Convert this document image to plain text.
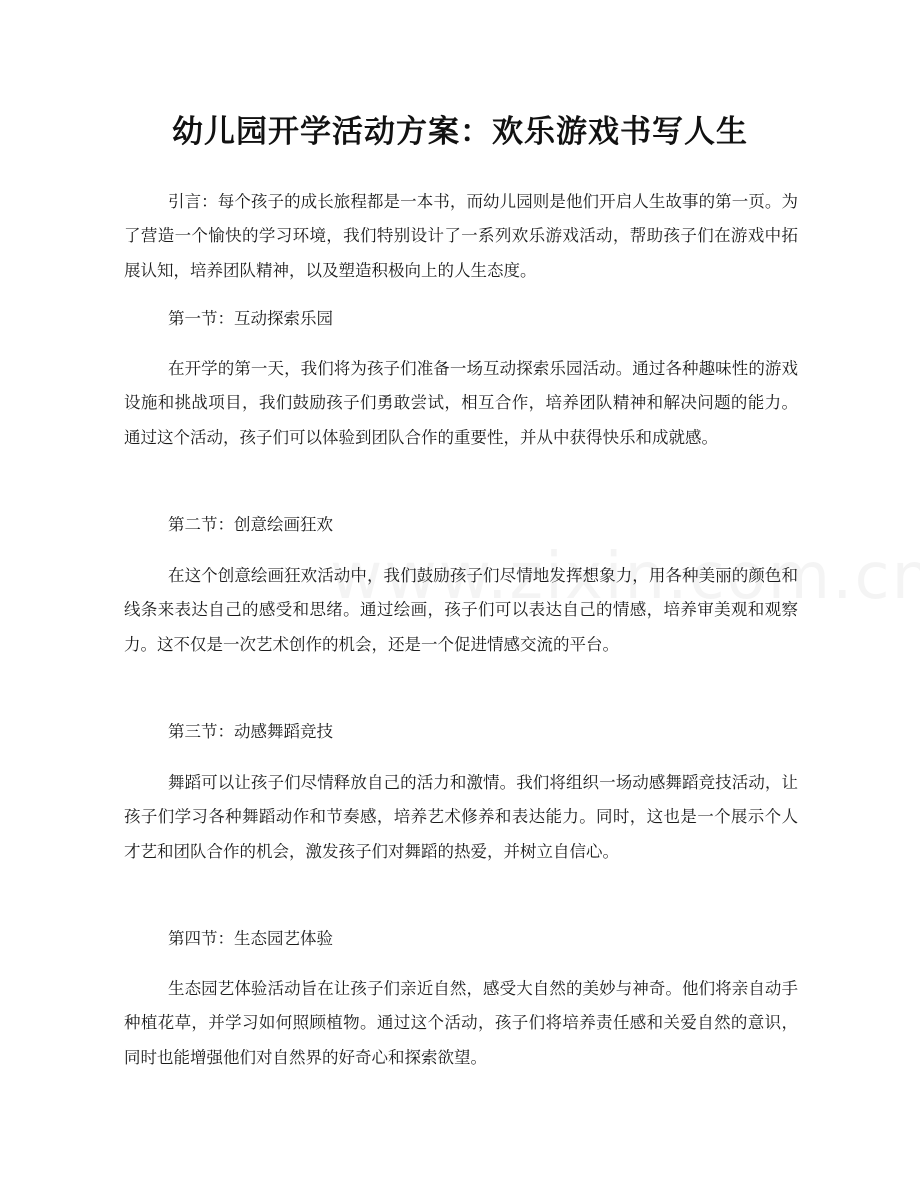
幼儿园开学活动方案：欢乐游戏书写人生

引言：每个孩子的成长旅程都是一本书，而幼儿园则是他们开启人生故事的第一页。为了营造一个愉快的学习环境，我们特别设计了一系列欢乐游戏活动，帮助孩子们在游戏中拓展认知，培养团队精神，以及塑造积极向上的人生态度。

第一节：互动探索乐园

在开学的第一天，我们将为孩子们准备一场互动探索乐园活动。通过各种趣味性的游戏设施和挑战项目，我们鼓励孩子们勇敢尝试，相互合作，培养团队精神和解决问题的能力。通过这个活动，孩子们可以体验到团队合作的重要性，并从中获得快乐和成就感。

第二节：创意绘画狂欢

在这个创意绘画狂欢活动中，我们鼓励孩子们尽情地发挥想象力，用各种美丽的颜色和线条来表达自己的感受和思绪。通过绘画，孩子们可以表达自己的情感，培养审美观和观察力。这不仅是一次艺术创作的机会，还是一个促进情感交流的平台。

第三节：动感舞蹈竞技

舞蹈可以让孩子们尽情释放自己的活力和激情。我们将组织一场动感舞蹈竞技活动，让孩子们学习各种舞蹈动作和节奏感，培养艺术修养和表达能力。同时，这也是一个展示个人才艺和团队合作的机会，激发孩子们对舞蹈的热爱，并树立自信心。

第四节：生态园艺体验

生态园艺体验活动旨在让孩子们亲近自然，感受大自然的美妙与神奇。他们将亲自动手种植花草，并学习如何照顾植物。通过这个活动，孩子们将培养责任感和关爱自然的意识，同时也能增强他们对自然界的好奇心和探索欲望。
